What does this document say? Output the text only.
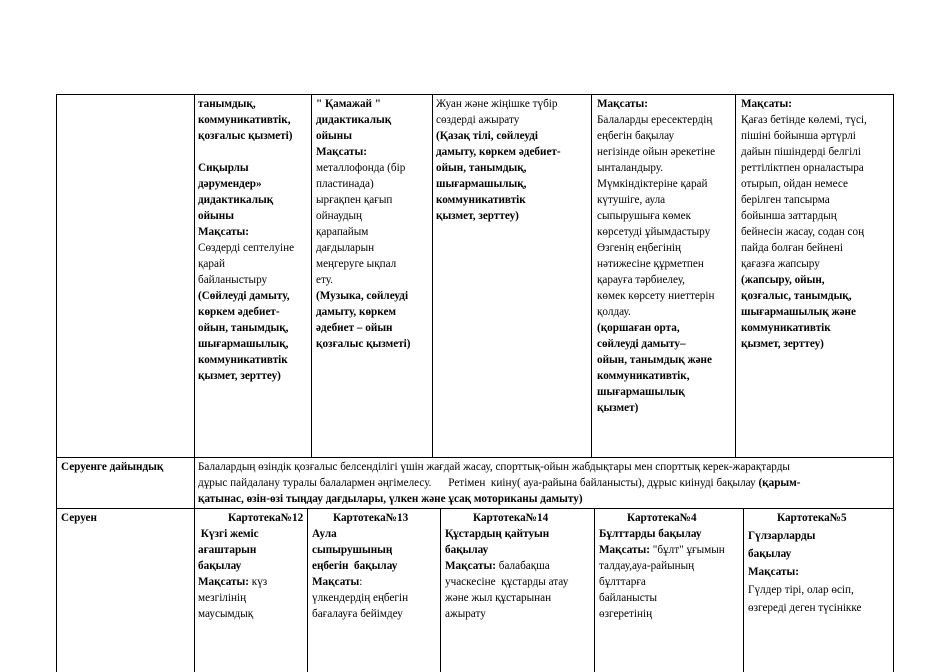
танымдық,
коммуникативтік,
қозғалыс қызметі)
Сиқырлы
дәрумендер»
дидактикалық
ойыны
Мақсаты:
Сөздерді септелуіне
қарай
байланыстыру
(Сөйлеуді дамыту,
көркем әдебиет-
ойын, танымдық,
шығармашылық,
коммуникативтік
қызмет, зерттеу)
" Қамажай "
дидактикалық
ойыны
Мақсаты:
металлофонда (бір
пластинада)
ырғақпен қағып
ойнаудың
қарапайым
дағдыларын
меңгеруге ықпал
ету.
(Музыка, сөйлеуді
дамыту, көркем
әдебиет – ойын
қозғалыс қызметі)
Жуан және жіңішке түбір
сөздерді ажырату
(Қазақ тілі, сөйлеуді
дамыту, көркем әдебиет-
ойын, танымдық,
шығармашылық,
коммуникативтік
қызмет, зерттеу)
Мақсаты:
Балаларды ересектердің
еңбегін бақылау
негізінде ойын әрекетіне
ынталандыру.
Мүмкіндіктеріне қарай
күтушіге, аула
сыпырушыға көмек
көрсетуді ұйымдастыру
Өзгенің еңбегінің
нәтижесіне құрметпен
қарауға тәрбиелеу,
көмек көрсету ниеттерін
қолдау.
(қоршаған орта,
сөйлеуді дамыту–
ойын, танымдық және
коммуникативтік,
шығармашылық
қызмет)
Мақсаты:
Қағаз бетінде көлемі, түсі,
пішіні бойынша әртүрлі
дайын пішіндерді белгілі
реттіліктпен орналастыра
отырып, ойдан немесе
берілген тапсырма
бойынша заттардың
бейнесін жасау, содан соң
пайда болған бейнені
қағазға жапсыру
(жапсыру, ойын,
қозғалыс, танымдық,
шығармашылық және
коммуникативтік
қызмет, зерттеу)
Серуенге дайындық	Балалардың өзіндік қозғалыс белсенділігі үшін жағдай жасау, спорттық-ойын жабдықтары мен спорттық керек-жарақтарды
дұрыс пайдалану туралы балалармен әңгімелесу.      Ретімен  киіну( ауа-райына байланысты), дұрыс киінуді бақылау (қарым-
қатынас, өзін-өзі тыңдау дағдылары, үлкен және ұсақ моториканы дамыту)
Серуен	Картотека№12
Күзгі жеміс
ағаштарын
бақылау
Мақсаты: күз
мезгілінің
маусымдық
Картотека№13
Аула
сыпырушының
еңбегін  бақылау
Мақсаты:
үлкендердің еңбегін
бағалауға бейімдеу
Картотека№14
Құстардың қайтуын
бақылау
Мақсаты: балабақша
учаскесіне  құстарды атау
және жыл құстарынан
ажырату
Картотека№4
Бұлттарды бақылау
Мақсаты: "бұлт" ұғымын
талдау,ауа-райының
бұлттарға
байланысты
өзгеретінің
Картотека№5
Гүлзарларды
бақылау
Мақсаты:
Гүлдер тірі, олар өсіп,
өзгереді деген түсінікке
